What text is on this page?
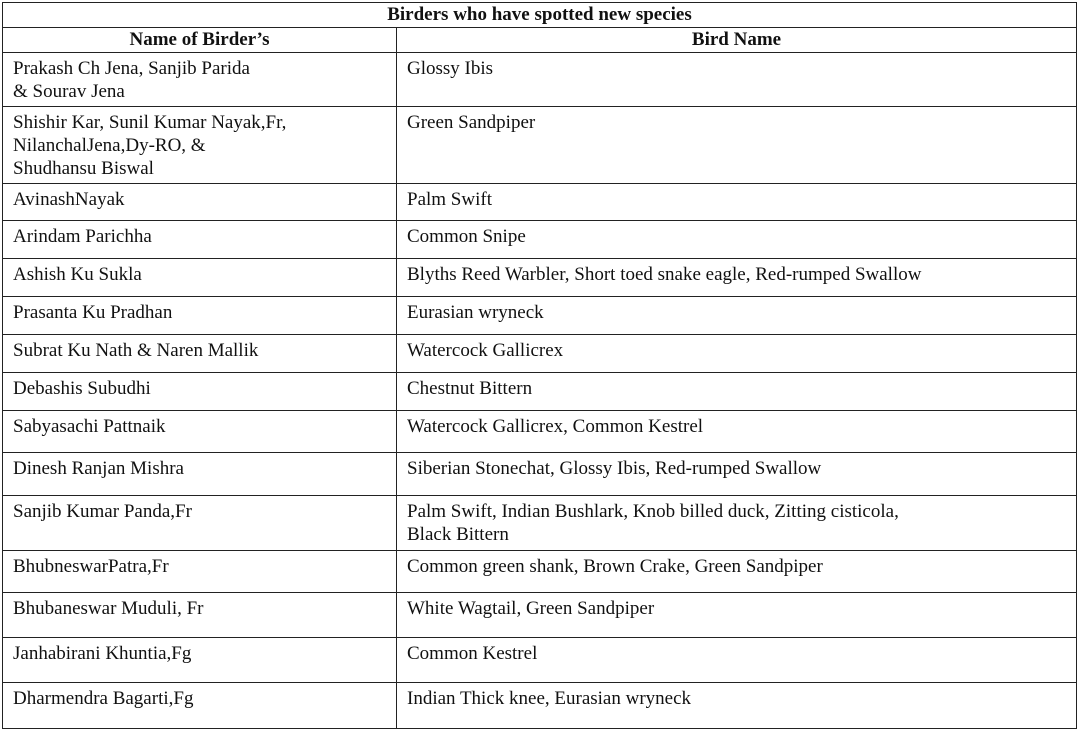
Birders who have spotted new species	
Name of Birder’s	Bird Name
Prakash Ch Jena, Sanjib Parida
& Sourav Jena	Glossy Ibis
Shishir Kar, Sunil Kumar Nayak,Fr,
NilanchalJena,Dy-RO, &
Shudhansu Biswal	Green Sandpiper
AvinashNayak	Palm Swift
Arindam Parichha	Common Snipe
Ashish Ku Sukla	Blyths Reed Warbler, Short toed snake eagle, Red-rumped Swallow
Prasanta Ku Pradhan	Eurasian wryneck
Subrat Ku Nath & Naren Mallik	Watercock Gallicrex
Debashis Subudhi	Chestnut Bittern
Sabyasachi Pattnaik	Watercock Gallicrex, Common Kestrel
Dinesh Ranjan Mishra	Siberian Stonechat, Glossy Ibis, Red-rumped Swallow
Sanjib Kumar Panda,Fr	Palm Swift, Indian Bushlark, Knob billed duck, Zitting cisticola,
Black Bittern
BhubneswarPatra,Fr	Common green shank, Brown Crake, Green Sandpiper
Bhubaneswar Muduli, Fr	White Wagtail, Green Sandpiper
Janhabirani Khuntia,Fg	Common Kestrel
Dharmendra Bagarti,Fg	Indian Thick knee, Eurasian wryneck
